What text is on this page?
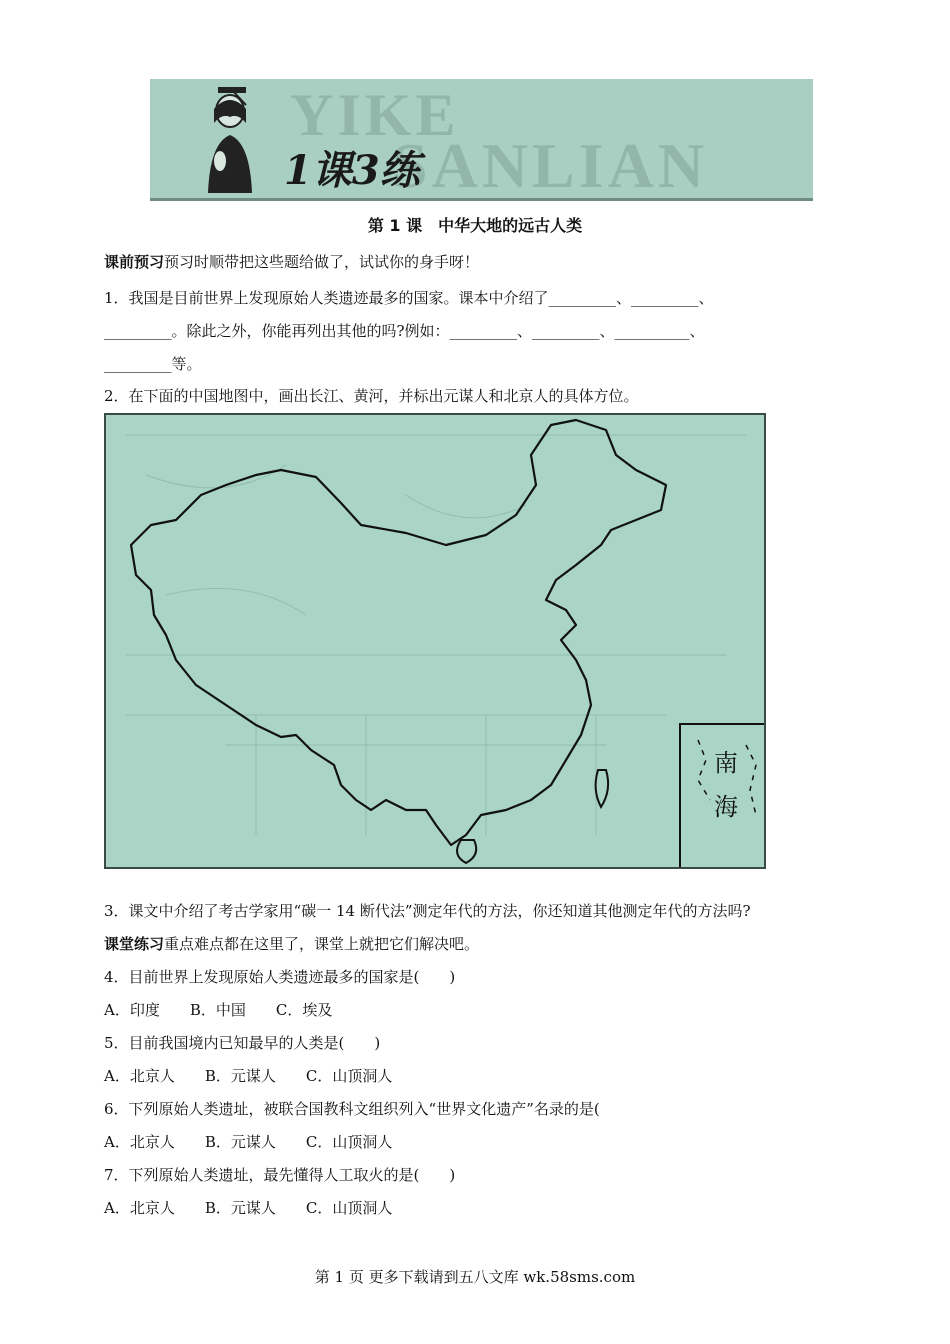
YIKE
SANLIAN
1课3练
第 1 课　中华大地的远古人类
课前预习预习时顺带把这些题给做了，试试你的身手呀！
1．我国是目前世界上发现原始人类遗迹最多的国家。课本中介绍了_________、_________、
_________。除此之外，你能再列出其他的吗?例如：_________、_________、__________、
_________等。
2．在下面的中国地图中，画出长江、黄河，并标出元谋人和北京人的具体方位。
南
海
3．课文中介绍了考古学家用“碳一 14 断代法”测定年代的方法，你还知道其他测定年代的方法吗?
课堂练习重点难点都在这里了，课堂上就把它们解决吧。
4．目前世界上发现原始人类遗迹最多的国家是(　　)
A．印度　　B．中国　　C．埃及
5．目前我国境内已知最早的人类是(　　)
A．北京人　　B．元谋人　　C．山顶洞人
6．下列原始人类遗址，被联合国教科文组织列入“世界文化遗产”名录的是(
A．北京人　　B．元谋人　　C．山顶洞人
7．下列原始人类遗址，最先懂得人工取火的是(　　)
A．北京人　　B．元谋人　　C．山顶洞人
第 1 页 更多下载请到五八文库 wk.58sms.com
